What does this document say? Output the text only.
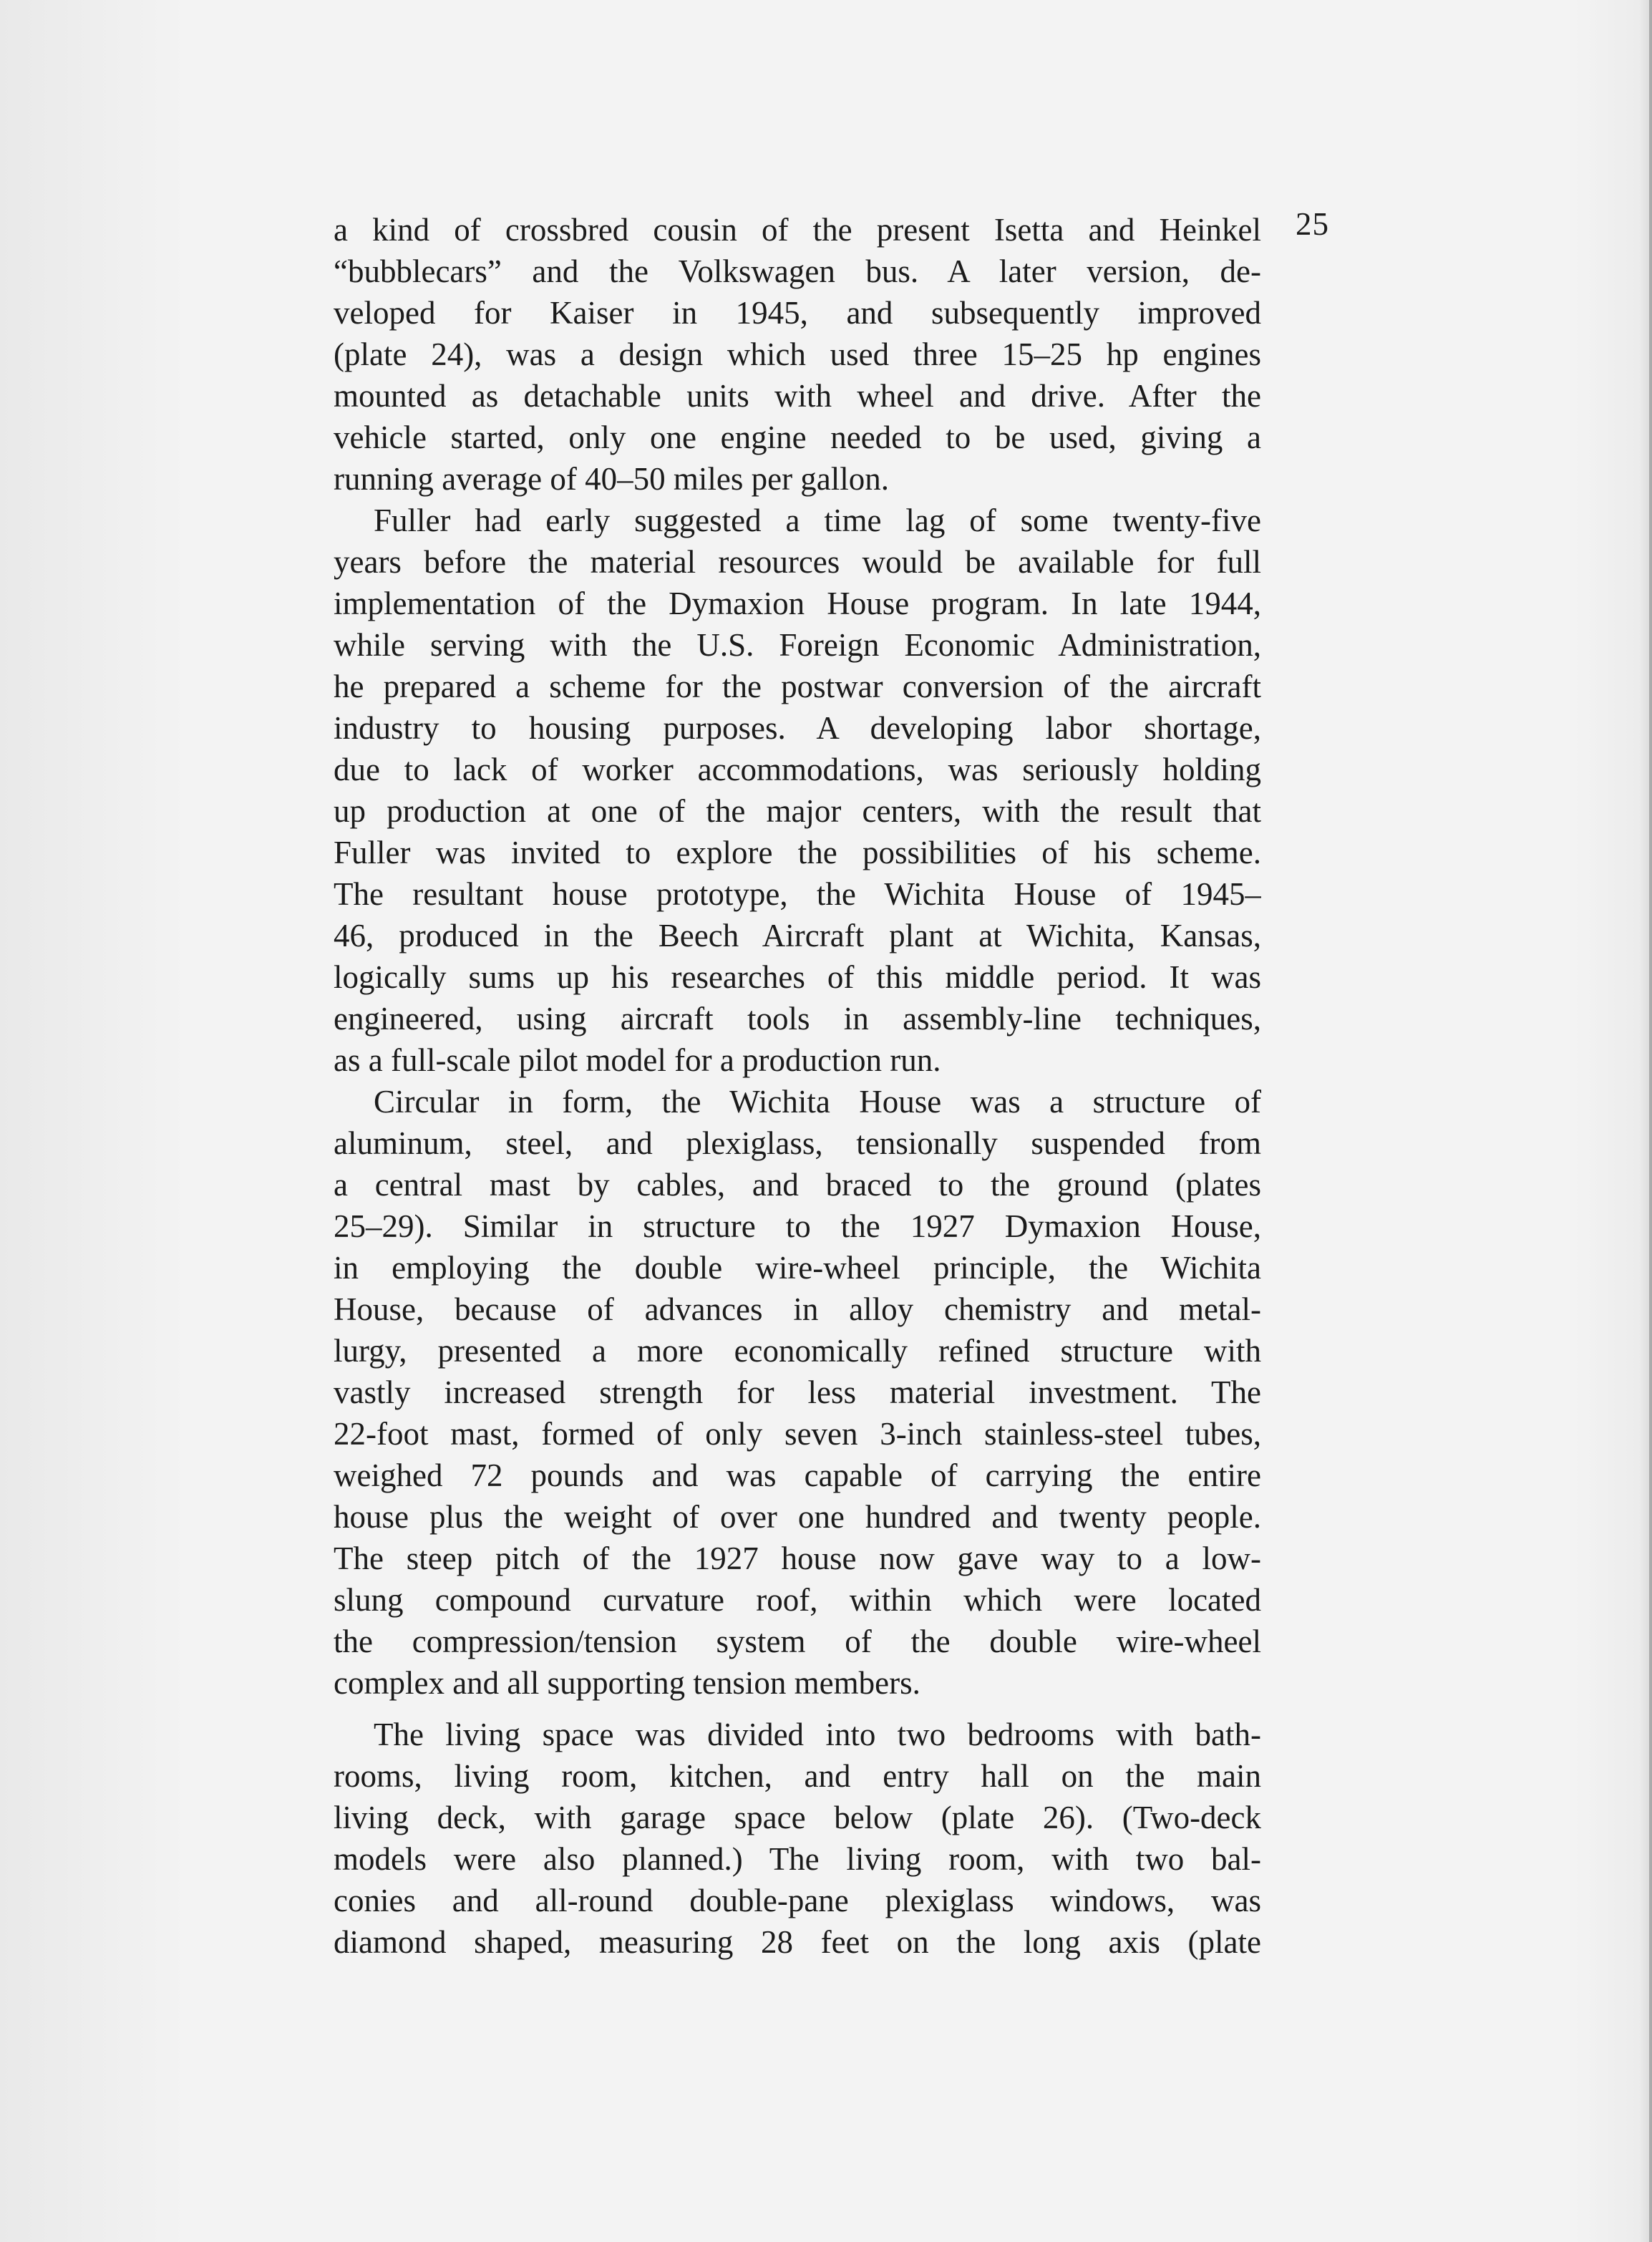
25
a kind of crossbred cousin of the present Isetta and Heinkel
“bubblecars” and the Volkswagen bus. A later version, de-
veloped for Kaiser in 1945, and subsequently improved
(plate 24), was a design which used three 15–25 hp engines
mounted as detachable units with wheel and drive. After the
vehicle started, only one engine needed to be used, giving a
running average of 40–50 miles per gallon.
Fuller had early suggested a time lag of some twenty-five
years before the material resources would be available for full
implementation of the Dymaxion House program. In late 1944,
while serving with the U.S. Foreign Economic Administration,
he prepared a scheme for the postwar conversion of the aircraft
industry to housing purposes. A developing labor shortage,
due to lack of worker accommodations, was seriously holding
up production at one of the major centers, with the result that
Fuller was invited to explore the possibilities of his scheme.
The resultant house prototype, the Wichita House of 1945–
46, produced in the Beech Aircraft plant at Wichita, Kansas,
logically sums up his researches of this middle period. It was
engineered, using aircraft tools in assembly-line techniques,
as a full-scale pilot model for a production run.
Circular in form, the Wichita House was a structure of
aluminum, steel, and plexiglass, tensionally suspended from
a central mast by cables, and braced to the ground (plates
25–29). Similar in structure to the 1927 Dymaxion House,
in employing the double wire-wheel principle, the Wichita
House, because of advances in alloy chemistry and metal-
lurgy, presented a more economically refined structure with
vastly increased strength for less material investment. The
22-foot mast, formed of only seven 3-inch stainless-steel tubes,
weighed 72 pounds and was capable of carrying the entire
house plus the weight of over one hundred and twenty people.
The steep pitch of the 1927 house now gave way to a low-
slung compound curvature roof, within which were located
the compression/tension system of the double wire-wheel
complex and all supporting tension members.
The living space was divided into two bedrooms with bath-
rooms, living room, kitchen, and entry hall on the main
living deck, with garage space below (plate 26). (Two-deck
models were also planned.) The living room, with two bal-
conies and all-round double-pane plexiglass windows, was
diamond shaped, measuring 28 feet on the long axis (plate
